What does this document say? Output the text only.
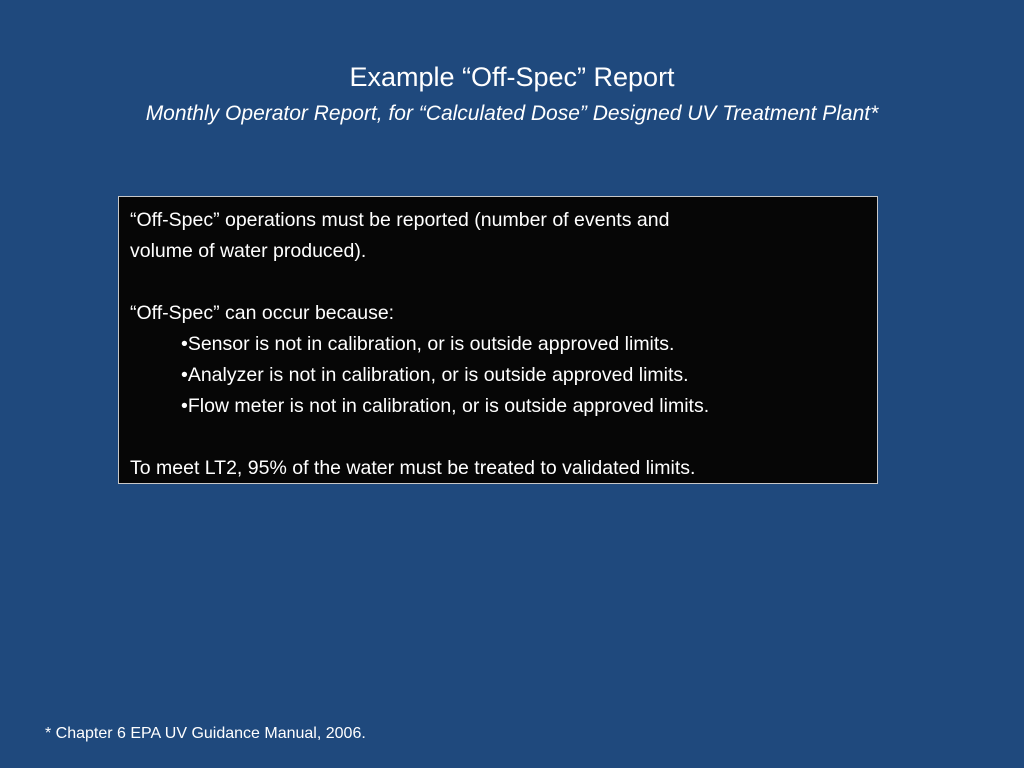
Example “Off-Spec” Report
Monthly Operator Report, for “Calculated Dose” Designed UV Treatment Plant*

“Off-Spec” operations must be reported (number of events and

volume of water produced).

“Off-Spec” can occur because:

•Sensor is not in calibration, or is outside approved limits.

•Analyzer is not in calibration, or is outside approved limits.

•Flow meter is not in calibration, or is outside approved limits.

To meet LT2, 95% of the water must be treated to validated limits.

* Chapter 6 EPA UV Guidance Manual, 2006.
